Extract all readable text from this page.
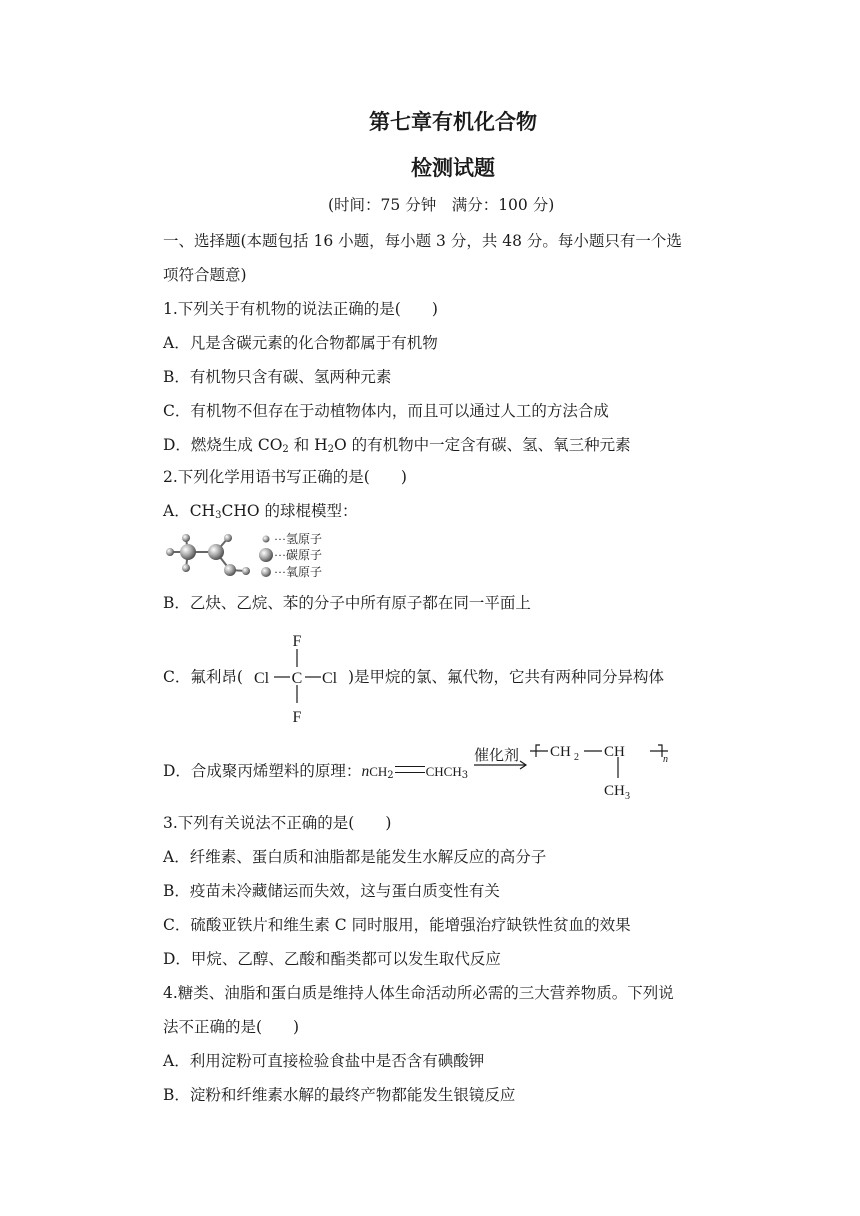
第七章有机化合物
检测试题
(时间：75 分钟　满分：100 分)
一、选择题(本题包括 16 小题，每小题 3 分，共 48 分。每小题只有一个选
项符合题意)
1.下列关于有机物的说法正确的是(　　)
A．凡是含碳元素的化合物都属于有机物
B．有机物只含有碳、氢两种元素
C．有机物不但存在于动植物体内，而且可以通过人工的方法合成
D．燃烧生成 $CO_2$ 和 $H_2O$ 的有机物中一定含有碳、氢、氧三种元素
2.下列化学用语书写正确的是(　　)
A．$CH_3CHO$ 的球棍模型：
···氢原子
···碳原子
···氧原子
B．乙炔、乙烷、苯的分子中所有原子都在同一平面上
C．氟利昂(
F
C
F
Cl	Cl )是甲烷的氯、氟代物，它共有两种同分异构体
D．合成聚丙烯塑料的原理：nCH$_2$ $CHCH_3$
催化剂 CH 2 CH	n
CH 3
3.下列有关说法不正确的是(　　)
A．纤维素、蛋白质和油脂都是能发生水解反应的高分子
B．疫苗未冷藏储运而失效，这与蛋白质变性有关
C．硫酸亚铁片和维生素 C 同时服用，能增强治疗缺铁性贫血的效果
D．甲烷、乙醇、乙酸和酯类都可以发生取代反应
4.糖类、油脂和蛋白质是维持人体生命活动所必需的三大营养物质。下列说
法不正确的是(　　)
A．利用淀粉可直接检验食盐中是否含有碘酸钾
B．淀粉和纤维素水解的最终产物都能发生银镜反应
